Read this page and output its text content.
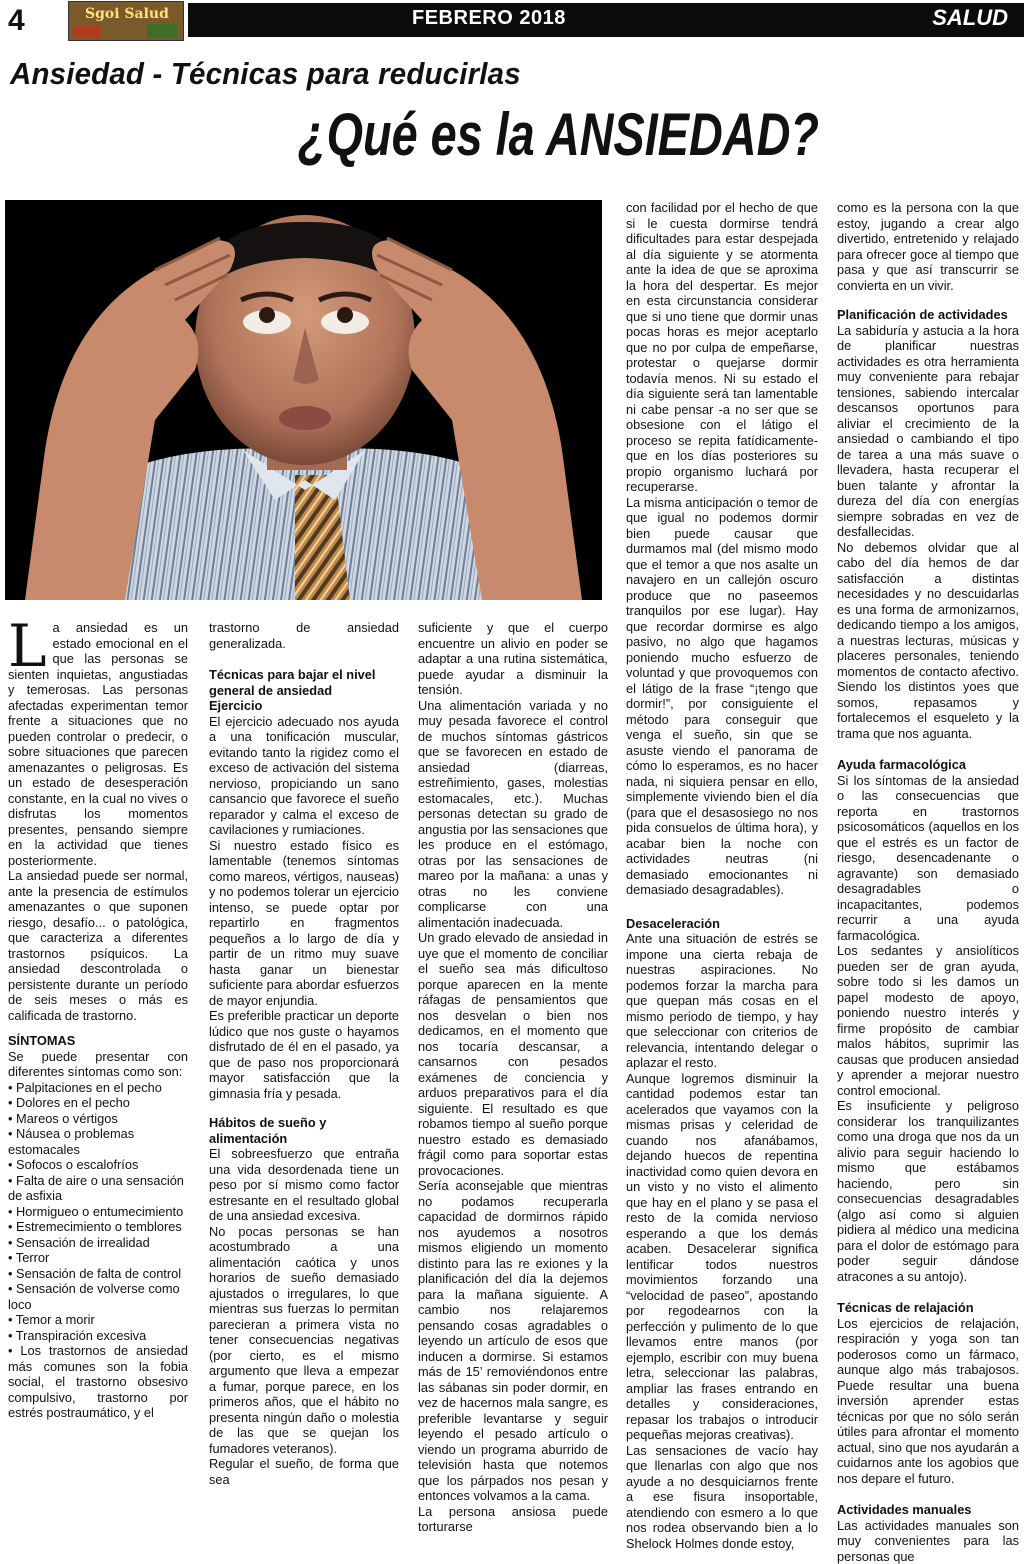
4	Sgoi Salud	FEBRERO 2018	SALUD
Ansiedad - Técnicas para reducirlas
¿Qué es la ANSIEDAD?
L a ansiedad es un estado emocional en el que las personas se sienten inquietas, angustiadas y temerosas. Las personas afectadas experimentan temor frente a situaciones que no pueden controlar o predecir, o sobre situaciones que parecen amenazantes o peligrosas. Es un estado de desesperación constante, en la cual no vives o disfrutas los momentos presentes, pensando siempre en la actividad que tienes posteriormente.

La ansiedad puede ser normal, ante la presencia de estímulos amenazantes o que suponen riesgo, desafío... o patológica, que caracteriza a diferentes trastornos psíquicos. La ansiedad descontrolada o persistente durante un período de seis meses o más es calificada de trastorno.

SÍNTOMAS

Se puede presentar con diferentes síntomas como son:

• Palpitaciones en el pecho
• Dolores en el pecho
• Mareos o vértigos
• Náusea o problemas estomacales
• Sofocos o escalofríos
• Falta de aire o una sensación de asfixia
• Hormigueo o entumecimiento
• Estremecimiento o temblores
• Sensación de irrealidad
• Terror
• Sensación de falta de control
• Sensación de volverse como loco
• Temor a morir
• Transpiración excesiva

• Los trastornos de ansiedad más comunes son la fobia social, el trastorno obsesivo compulsivo, trastorno por estrés postraumático, y el

trastorno de ansiedad generalizada.

Técnicas para bajar el nivel general de ansiedad

Ejercicio

El ejercicio adecuado nos ayuda a una tonificación muscular, evitando tanto la rigidez como el exceso de activación del sistema nervioso, propiciando un sano cansancio que favorece el sueño reparador y calma el exceso de cavilaciones y rumiaciones.

Si nuestro estado físico es lamentable (tenemos síntomas como mareos, vértigos, nauseas) y no podemos tolerar un ejercicio intenso, se puede optar por repartirlo en fragmentos pequeños a lo largo de día y partir de un ritmo muy suave hasta ganar un bienestar suficiente para abordar esfuerzos de mayor enjundia.

Es preferible practicar un deporte lúdico que nos guste o hayamos disfrutado de él en el pasado, ya que de paso nos proporcionará mayor satisfacción que la gimnasia fría y pesada.

Hábitos de sueño y alimentación

El sobreesfuerzo que entraña una vida desordenada tiene un peso por sí mismo como factor estresante en el resultado global de una ansiedad excesiva.

No pocas personas se han acostumbrado a una alimentación caótica y unos horarios de sueño demasiado ajustados o irregulares, lo que mientras sus fuerzas lo permitan parecieran a primera vista no tener consecuencias negativas (por cierto, es el mismo argumento que lleva a empezar a fumar, porque parece, en los primeros años, que el hábito no presenta ningún daño o molestia de las que se quejan los fumadores veteranos).

Regular el sueño, de forma que sea

suficiente y que el cuerpo encuentre un alivio en poder se adaptar a una rutina sistemática, puede ayudar a disminuir la tensión.

Una alimentación variada y no muy pesada favorece el control de muchos síntomas gástricos que se favorecen en estado de ansiedad (diarreas, estreñimiento, gases, molestias estomacales, etc.). Muchas personas detectan su grado de angustia por las sensaciones que les produce en el estómago, otras por las sensaciones de mareo por la mañana: a unas y otras no les conviene complicarse con una alimentación inadecuada.

Un grado elevado de ansiedad in uye que el momento de conciliar el sueño sea más dificultoso porque aparecen en la mente ráfagas de pensamientos que nos desvelan o bien nos dedicamos, en el momento que nos tocaría descansar, a cansarnos con pesados exámenes de conciencia y arduos preparativos para el día siguiente. El resultado es que robamos tiempo al sueño porque nuestro estado es demasiado frágil como para soportar estas provocaciones.

Sería aconsejable que mientras no podamos recuperarla capacidad de dormirnos rápido nos ayudemos a nosotros mismos eligiendo un momento distinto para las re exiones y la planificación del día la dejemos para la mañana siguiente. A cambio nos relajaremos pensando cosas agradables o leyendo un artículo de esos que inducen a dormirse. Si estamos más de 15’ removiéndonos entre las sábanas sin poder dormir, en vez de hacernos mala sangre, es preferible levantarse y seguir leyendo el pesado artículo o viendo un programa aburrido de televisión hasta que notemos que los párpados nos pesan y entonces volvamos a la cama.

La persona ansiosa puede torturarse

con facilidad por el hecho de que si le cuesta dormirse tendrá dificultades para estar despejada al día siguiente y se atormenta ante la idea de que se aproxima la hora del despertar. Es mejor en esta circunstancia considerar que si uno tiene que dormir unas pocas horas es mejor aceptarlo que no por culpa de empeñarse, protestar o quejarse dormir todavía menos. Ni su estado el día siguiente será tan lamentable ni cabe pensar -a no ser que se obsesione con el látigo el proceso se repita fatídicamente- que en los días posteriores su propio organismo luchará por recuperarse.

La misma anticipación o temor de que igual no podemos dormir bien puede causar que durmamos mal (del mismo modo que el temor a que nos asalte un navajero en un callejón oscuro produce que no paseemos tranquilos por ese lugar). Hay que recordar dormirse es algo pasivo, no algo que hagamos poniendo mucho esfuerzo de voluntad y que provoquemos con el látigo de la frase “¡tengo que dormir!”, por consiguiente el método para conseguir que venga el sueño, sin que se asuste viendo el panorama de cómo lo esperamos, es no hacer nada, ni siquiera pensar en ello, simplemente viviendo bien el día (para que el desasosiego no nos pida consuelos de última hora), y acabar bien la noche con actividades neutras (ni demasiado emocionantes ni demasiado desagradables).

Desaceleración

Ante una situación de estrés se impone una cierta rebaja de nuestras aspiraciones. No podemos forzar la marcha para que quepan más cosas en el mismo periodo de tiempo, y hay que seleccionar con criterios de relevancia, intentando delegar o aplazar el resto.

Aunque logremos disminuir la cantidad podemos estar tan acelerados que vayamos con la mismas prisas y celeridad de cuando nos afanábamos, dejando huecos de repentina inactividad como quien devora en un visto y no visto el alimento que hay en el plano y se pasa el resto de la comida nervioso esperando a que los demás acaben. Desacelerar significa lentificar todos nuestros movimientos forzando una “velocidad de paseo”, apostando por regodearnos con la perfección y pulimento de lo que llevamos entre manos (por ejemplo, escribir con muy buena letra, seleccionar las palabras, ampliar las frases entrando en detalles y consideraciones, repasar los trabajos o introducir pequeñas mejoras creativas).

Las sensaciones de vacío hay que llenarlas con algo que nos ayude a no desquiciarnos frente a ese fisura insoportable, atendiendo con esmero a lo que nos rodea observando bien a lo Shelock Holmes donde estoy,

como es la persona con la que estoy, jugando a crear algo divertido, entretenido y relajado para ofrecer goce al tiempo que pasa y que así transcurrir se convierta en un vivir.

Planificación de actividades

La sabiduría y astucia a la hora de planificar nuestras actividades es otra herramienta muy conveniente para rebajar tensiones, sabiendo intercalar descansos oportunos para aliviar el crecimiento de la ansiedad o cambiando el tipo de tarea a una más suave o llevadera, hasta recuperar el buen talante y afrontar la dureza del día con energías siempre sobradas en vez de desfallecidas.

No debemos olvidar que al cabo del día hemos de dar satisfacción a distintas necesidades y no descuidarlas es una forma de armonizarnos, dedicando tiempo a los amigos, a nuestras lecturas, músicas y placeres personales, teniendo momentos de contacto afectivo. Siendo los distintos yoes que somos, repasamos y fortalecemos el esqueleto y la trama que nos aguanta.

Ayuda farmacológica

Si los síntomas de la ansiedad o las consecuencias que reporta en trastornos psicosomáticos (aquellos en los que el estrés es un factor de riesgo, desencadenante o agravante) son demasiado desagradables o incapacitantes, podemos recurrir a una ayuda farmacológica.

Los sedantes y ansiolíticos pueden ser de gran ayuda, sobre todo si les damos un papel modesto de apoyo, poniendo nuestro interés y firme propósito de cambiar malos hábitos, suprimir las causas que producen ansiedad y aprender a mejorar nuestro control emocional.

Es insuficiente y peligroso considerar los tranquilizantes como una droga que nos da un alivio para seguir haciendo lo mismo que estábamos haciendo, pero sin consecuencias desagradables (algo así como si alguien pidiera al médico una medicina para el dolor de estómago para poder seguir dándose atracones a su antojo).

Técnicas de relajación

Los ejercicios de relajación, respiración y yoga son tan poderosos como un fármaco, aunque algo más trabajosos. Puede resultar una buena inversión aprender estas técnicas por que no sólo serán útiles para afrontar el momento actual, sino que nos ayudarán a cuidarnos ante los agobios que nos depare el futuro.

Actividades manuales

Las actividades manuales son muy convenientes para las personas que
